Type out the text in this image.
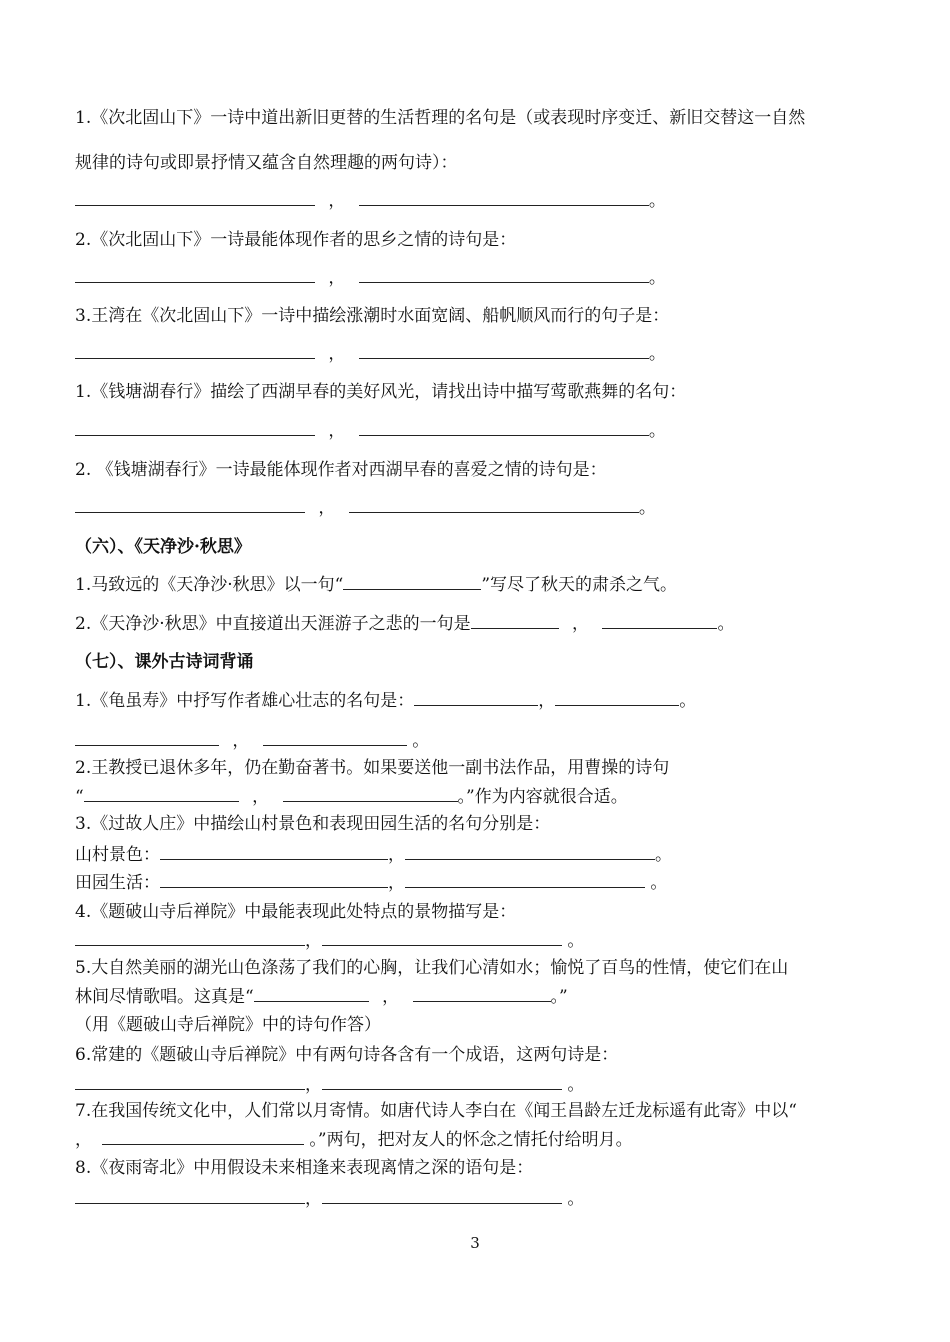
1.《次北固山下》一诗中道出新旧更替的生活哲理的名句是（或表现时序变迁、新旧交替这一自然
规律的诗句或即景抒情又蕴含自然理趣的两句诗）：
，	。
2.《次北固山下》一诗最能体现作者的思乡之情的诗句是：
，	。
3.王湾在《次北固山下》一诗中描绘涨潮时水面宽阔、船帆顺风而行的句子是：
，	。
1.《钱塘湖春行》描绘了西湖早春的美好风光，请找出诗中描写莺歌燕舞的名句：
，	。
2. 《钱塘湖春行》一诗最能体现作者对西湖早春的喜爱之情的诗句是：
，	。
（六）、《天净沙·秋思》
1.马致远的《天净沙·秋思》以一句“	”写尽了秋天的肃杀之气。
2.《天净沙·秋思》中直接道出天涯游子之悲的一句是	，	。
（七）、课外古诗词背诵
1.《龟虽寿》中抒写作者雄心壮志的名句是：	，	。
，	。
2.王教授已退休多年，仍在勤奋著书。如果要送他一副书法作品，用曹操的诗句
“	，	。”作为内容就很合适。
3.《过故人庄》中描绘山村景色和表现田园生活的名句分别是：
山村景色：	，	。
田园生活：	，	。
4.《题破山寺后禅院》中最能表现此处特点的景物描写是：
，	。
5.大自然美丽的湖光山色涤荡了我们的心胸，让我们心清如水；愉悦了百鸟的性情，使它们在山
林间尽情歌唱。这真是“	，	。”
（用《题破山寺后禅院》中的诗句作答）
6.常建的《题破山寺后禅院》中有两句诗各含有一个成语，这两句诗是：
，	。
7.在我国传统文化中，人们常以月寄情。如唐代诗人李白在《闻王昌龄左迁龙标遥有此寄》中以“
，	。”两句，把对友人的怀念之情托付给明月。
8.《夜雨寄北》中用假设未来相逢来表现离情之深的语句是：
，	。
3
